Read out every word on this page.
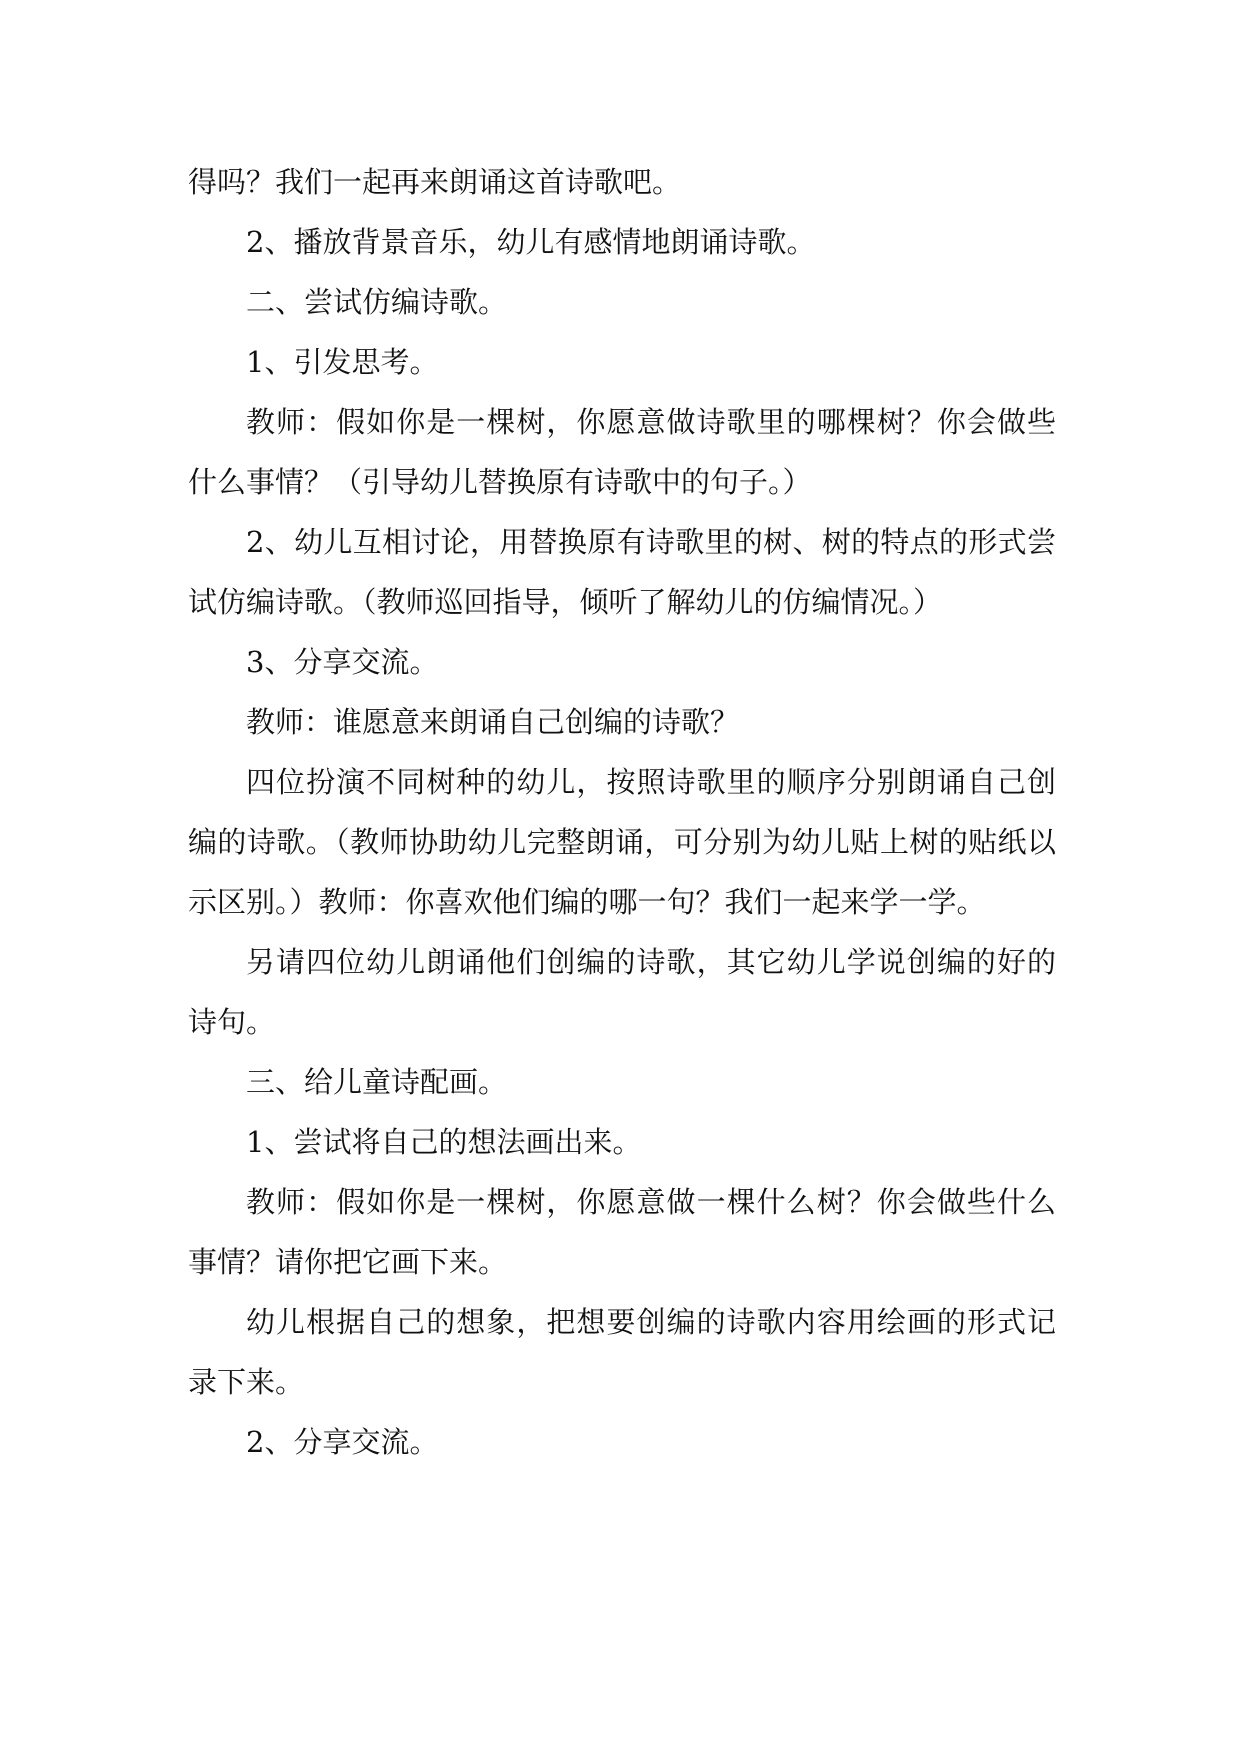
得吗？我们一起再来朗诵这首诗歌吧。

2、播放背景音乐，幼儿有感情地朗诵诗歌。

二、尝试仿编诗歌。

1、引发思考。

教师：假如你是一棵树，你愿意做诗歌里的哪棵树？你会做些什么事情？（引导幼儿替换原有诗歌中的句子。）

2、幼儿互相讨论，用替换原有诗歌里的树、树的特点的形式尝试仿编诗歌。（教师巡回指导，倾听了解幼儿的仿编情况。）

3、分享交流。

教师：谁愿意来朗诵自己创编的诗歌？

四位扮演不同树种的幼儿，按照诗歌里的顺序分别朗诵自己创编的诗歌。（教师协助幼儿完整朗诵，可分别为幼儿贴上树的贴纸以示区别。）教师：你喜欢他们编的哪一句？我们一起来学一学。

另请四位幼儿朗诵他们创编的诗歌，其它幼儿学说创编的好的诗句。

三、给儿童诗配画。

1、尝试将自己的想法画出来。

教师：假如你是一棵树，你愿意做一棵什么树？你会做些什么事情？请你把它画下来。

幼儿根据自己的想象，把想要创编的诗歌内容用绘画的形式记录下来。

2、分享交流。
